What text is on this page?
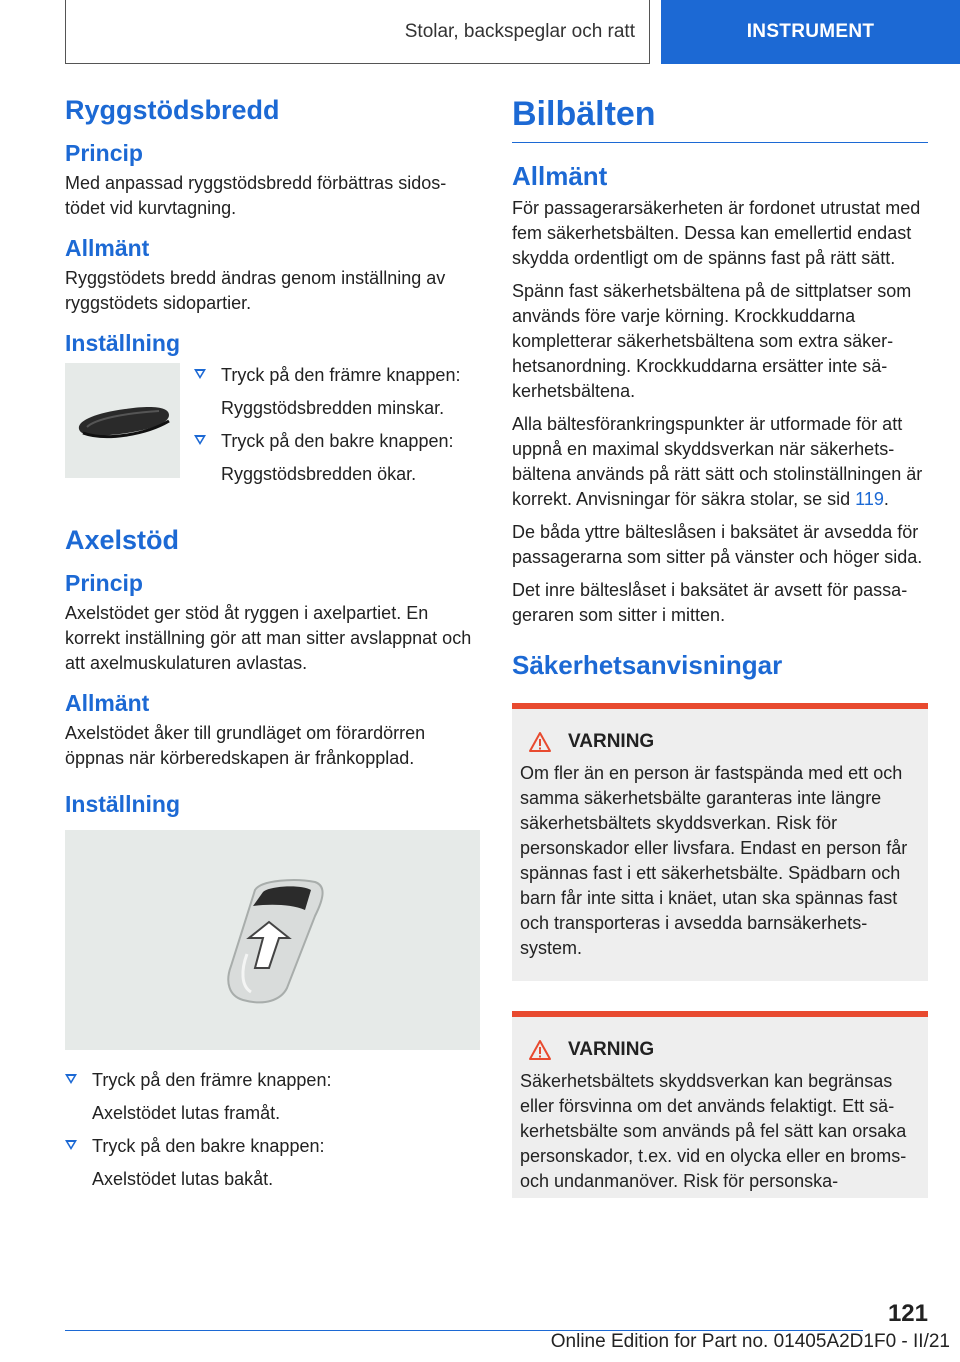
Stolar, backspeglar och ratt	INSTRUMENT
Ryggstödsbredd
Princip

Med anpassad ryggstödsbredd förbättras sidostödet vid kurvtagning.

Allmänt

Ryggstödets bredd ändras genom inställning av ryggstödets sidopartier.

Inställning
Tryck på den främre knappen:
Ryggstödsbredden minskar.
Tryck på den bakre knappen:
Ryggstödsbredden ökar.
Axelstöd
Princip

Axelstödet ger stöd åt ryggen i axelpartiet. En korrekt inställning gör att man sitter avslappnat och att axelmuskulaturen avlastas.

Allmänt

Axelstödet åker till grundläget om förardörren öppnas när körberedskapen är frånkopplad.

Inställning
Tryck på den främre knappen:
Axelstödet lutas framåt.
Tryck på den bakre knappen:
Axelstödet lutas bakåt.
Bilbälten
Allmänt

För passagerarsäkerheten är fordonet utrustat med fem säkerhetsbälten. Dessa kan emellertid endast skydda ordentligt om de spänns fast på rätt sätt.

Spänn fast säkerhetsbältena på de sittplatser som används före varje körning. Krockkuddarna kompletterar säkerhetsbältena som extra säkerhetsanordning. Krockkuddarna ersätter inte säkerhetsbältena.

Alla bältesförankringspunkter är utformade för att uppnå en maximal skyddsverkan när säkerhetsbältena används på rätt sätt och stolinställningen är korrekt. Anvisningar för säkra stolar, se sid 119.

De båda yttre bälteslåsen i baksätet är avsedda för passagerarna som sitter på vänster och höger sida.

Det inre bälteslåset i baksätet är avsett för passageraren som sitter i mitten.

Säkerhetsanvisningar
VARNING

Om fler än en person är fastspända med ett och samma säkerhetsbälte garanteras inte längre säkerhetsbältets skyddsverkan. Risk för personskador eller livsfara. Endast en person får spännas fast i ett säkerhetsbälte. Spädbarn och barn får inte sitta i knäet, utan ska spännas fast och transporteras i avsedda barnsäkerhetssystem.

VARNING

Säkerhetsbältets skyddsverkan kan begränsas eller försvinna om det används felaktigt. Ett säkerhetsbälte som används på fel sätt kan orsaka personskador, t.ex. vid en olycka eller en broms- och undanmanöver. Risk för personska-

121
Online Edition for Part no. 01405A2D1F0 - II/21
